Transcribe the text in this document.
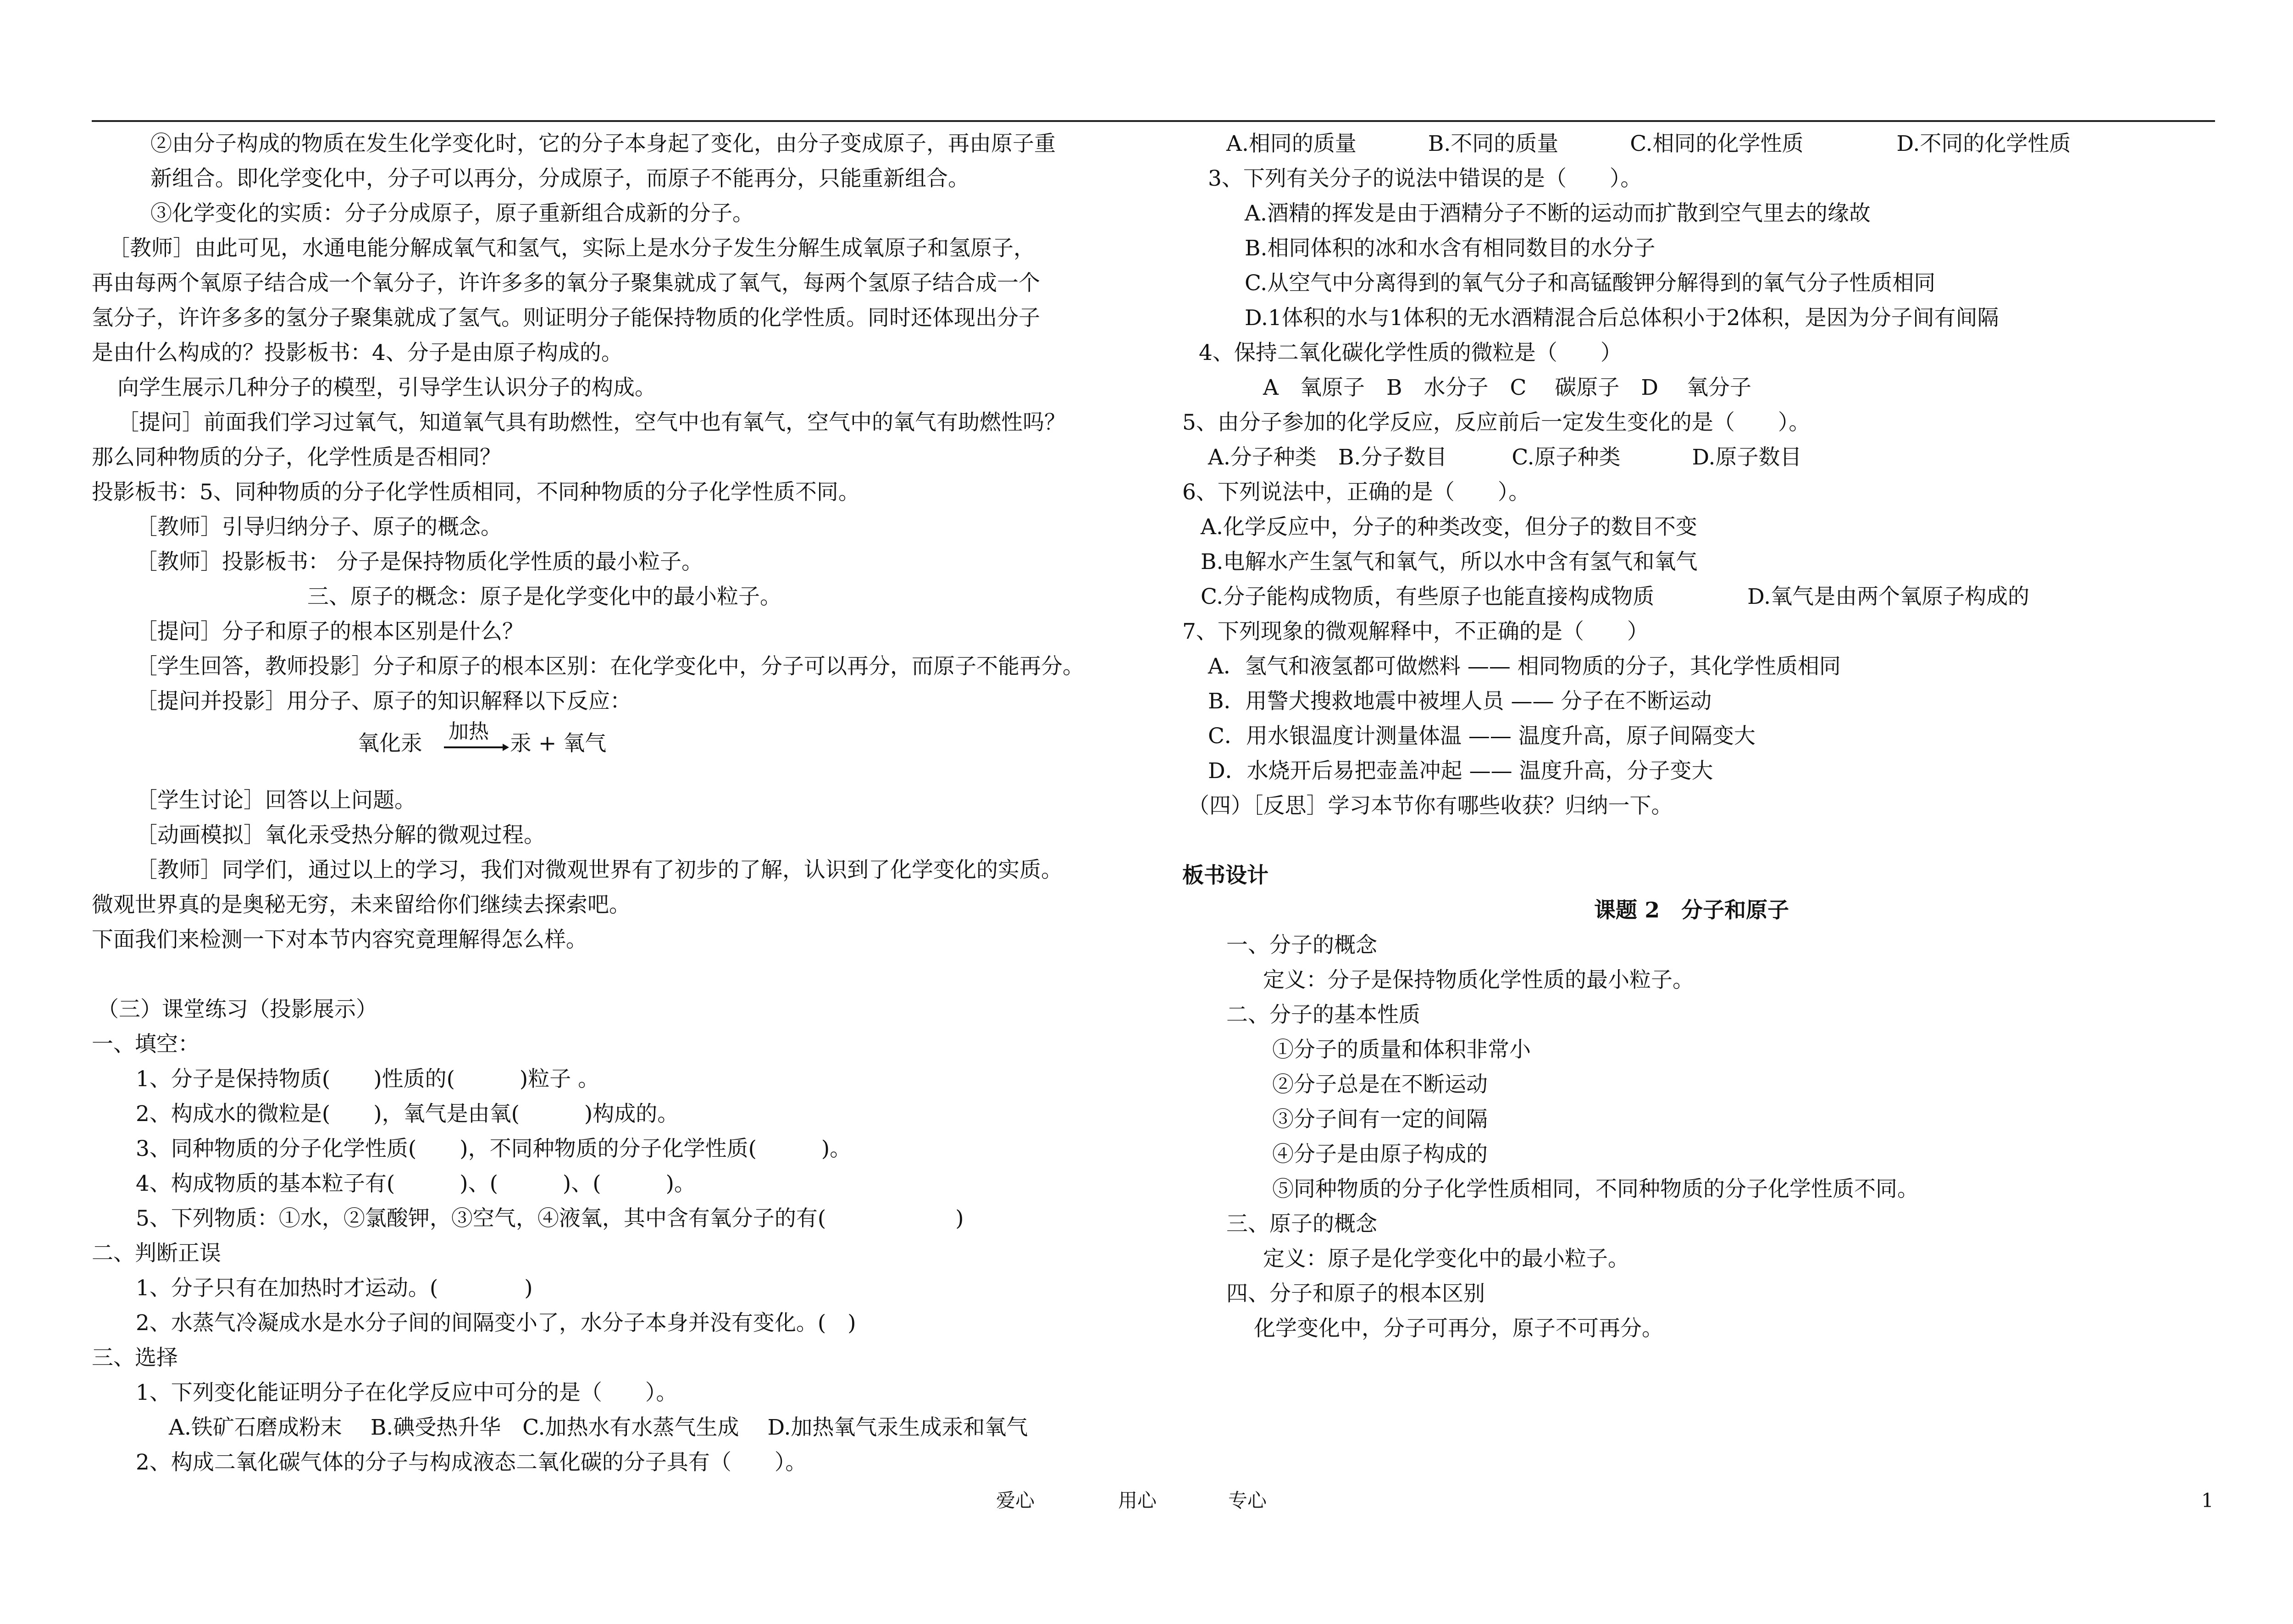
②由分子构成的物质在发生化学变化时，它的分子本身起了变化，由分子变成原子，再由原子重
新组合。即化学变化中，分子可以再分，分成原子，而原子不能再分，只能重新组合。
③化学变化的实质：分子分成原子，原子重新组合成新的分子。
［教师］由此可见，水通电能分解成氧气和氢气，实际上是水分子发生分解生成氧原子和氢原子，
再由每两个氧原子结合成一个氧分子，许许多多的氧分子聚集就成了氧气，每两个氢原子结合成一个
氢分子，许许多多的氢分子聚集就成了氢气。则证明分子能保持物质的化学性质。同时还体现出分子
是由什么构成的？投影板书：4、分子是由原子构成的。
向学生展示几种分子的模型，引导学生认识分子的构成。
［提问］前面我们学习过氧气，知道氧气具有助燃性，空气中也有氧气，空气中的氧气有助燃性吗？
那么同种物质的分子，化学性质是否相同？
投影板书：5、同种物质的分子化学性质相同，不同种物质的分子化学性质不同。
［教师］引导归纳分子、原子的概念。
［教师］投影板书： 分子是保持物质化学性质的最小粒子。
三、原子的概念：原子是化学变化中的最小粒子。
［提问］分子和原子的根本区别是什么？
［学生回答，教师投影］分子和原子的根本区别：在化学变化中，分子可以再分，而原子不能再分。
［提问并投影］用分子、原子的知识解释以下反应：
氧化汞 加热 汞 + 氧气
［学生讨论］回答以上问题。
［动画模拟］氧化汞受热分解的微观过程。
［教师］同学们，通过以上的学习，我们对微观世界有了初步的了解，认识到了化学变化的实质。
微观世界真的是奥秘无穷，未来留给你们继续去探索吧。
下面我们来检测一下对本节内容究竟理解得怎么样。
（三）课堂练习（投影展示）
一、填空：
1、分子是保持物质(　　)性质的(　　　)粒子 。
2、构成水的微粒是(　　)，氧气是由氧(　　　)构成的。
3、同种物质的分子化学性质(　　)，不同种物质的分子化学性质(　　　)。
4、构成物质的基本粒子有(　　　)、(　　　)、(　　　)。
5、下列物质：①水，②氯酸钾，③空气，④液氧，其中含有氧分子的有(　　　　　　)
二、判断正误
1、分子只有在加热时才运动。(　　　　)
2、水蒸气冷凝成水是水分子间的间隔变小了，水分子本身并没有变化。(　)
三、选择
1、下列变化能证明分子在化学反应中可分的是（　　）。
A.铁矿石磨成粉末　 B.碘受热升华　C.加热水有水蒸气生成　 D.加热氧气汞生成汞和氧气
2、构成二氧化碳气体的分子与构成液态二氧化碳的分子具有（　　）。
A.相同的质量　　　 B.不同的质量　　　 C.相同的化学性质　　　　 D.不同的化学性质
3、下列有关分子的说法中错误的是（　　）。
A.酒精的挥发是由于酒精分子不断的运动而扩散到空气里去的缘故
B.相同体积的冰和水含有相同数目的水分子
C.从空气中分离得到的氧气分子和高锰酸钾分解得到的氧气分子性质相同
D.1体积的水与1体积的无水酒精混合后总体积小于2体积，是因为分子间有间隔
4、保持二氧化碳化学性质的微粒是（　　）
A　氧原子　B　水分子　C　 碳原子　D　 氧分子
5、由分子参加的化学反应，反应前后一定发生变化的是（　　）。
A.分子种类　B.分子数目　　　C.原子种类　　　 D.原子数目
6、下列说法中，正确的是（　　）。
A.化学反应中，分子的种类改变，但分子的数目不变
B.电解水产生氢气和氧气，所以水中含有氢气和氧气
C.分子能构成物质，有些原子也能直接构成物质　　　　 D.氧气是由两个氧原子构成的
7、下列现象的微观解释中，不正确的是（　　）
A．氢气和液氢都可做燃料 —— 相同物质的分子，其化学性质相同
B．用警犬搜救地震中被埋人员 —— 分子在不断运动
C．用水银温度计测量体温 —— 温度升高，原子间隔变大
D．水烧开后易把壶盖冲起 —— 温度升高，分子变大
（四）［反思］学习本节你有哪些收获？归纳一下。
板书设计
课题 2　分子和原子
一、分子的概念
定义：分子是保持物质化学性质的最小粒子。
二、分子的基本性质
①分子的质量和体积非常小
②分子总是在不断运动
③分子间有一定的间隔
④分子是由原子构成的
⑤同种物质的分子化学性质相同，不同种物质的分子化学性质不同。
三、原子的概念
定义：原子是化学变化中的最小粒子。
四、分子和原子的根本区别
化学变化中，分子可再分，原子不可再分。
爱心	用心	专心	1
